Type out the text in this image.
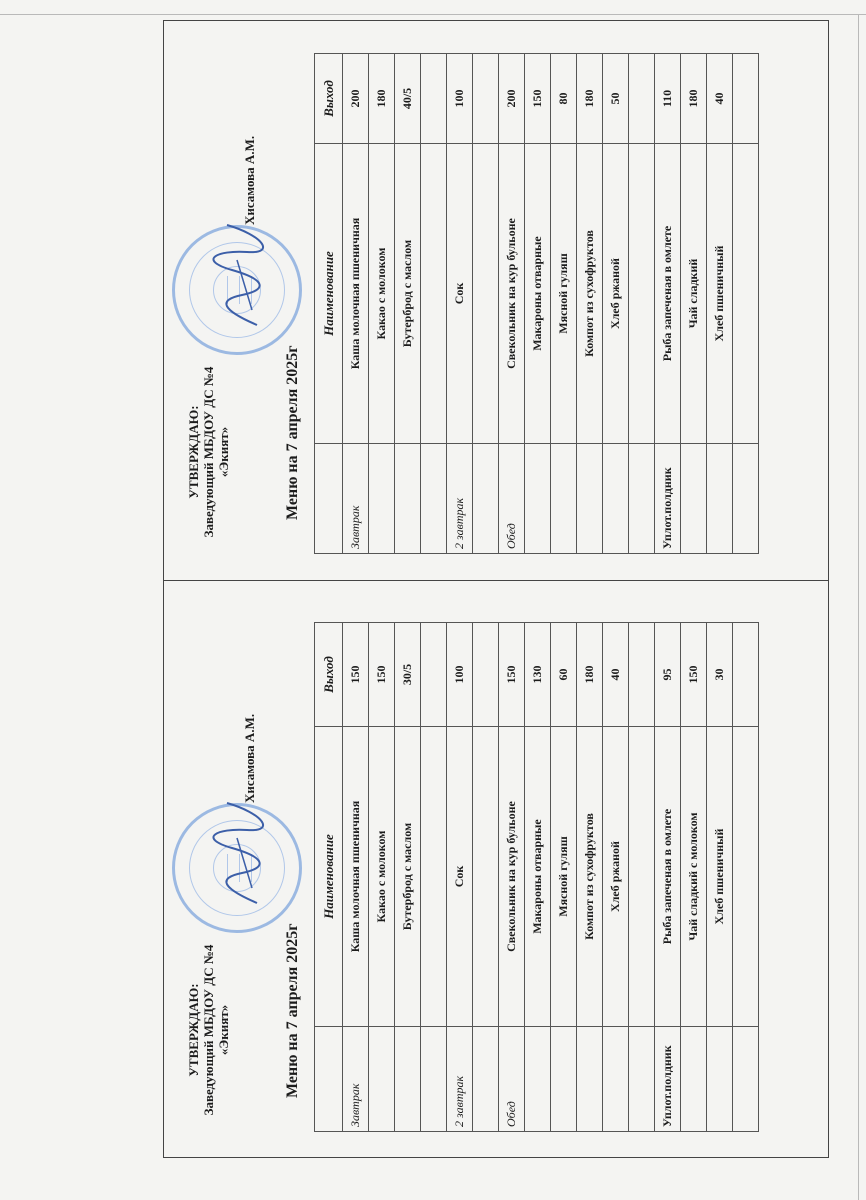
УТВЕРЖДАЮ: Заведующий МБДОУ ДС №4 «Экият»
Хисамова А.М.
Меню на 7 апреля 2025г
	Наименование	Выход
Завтрак	Каша молочная пшеничная	150
	Какао с молоком	150
	Бутерброд с маслом	30/5

2 завтрак	Сок	100

Обед	Свекольник на кур бульоне	150
	Макароны отварные	130
	Мясной гуляш	60
	Компот из сухофруктов	180
	Хлеб ржаной	40

Уплот.полдник	Рыба запеченая в омлете	95
	Чай сладкий с молоком	150
	Хлеб пшеничный	30

УТВЕРЖДАЮ: Заведующий МБДОУ ДС №4 «Экият»
Хисамова А.М.
Меню на 7 апреля 2025г
	Наименование	Выход
Завтрак	Каша молочная пшеничная	200
	Какао с молоком	180
	Бутерброд с маслом	40/5

2 завтрак	Сок	100

Обед	Свекольник на кур бульоне	200
	Макароны отварные	150
	Мясной гуляш	80
	Компот из сухофруктов	180
	Хлеб ржаной	50

Уплот.полдник	Рыба запеченая в омлете	110
	Чай сладкий	180
	Хлеб пшеничный	40
